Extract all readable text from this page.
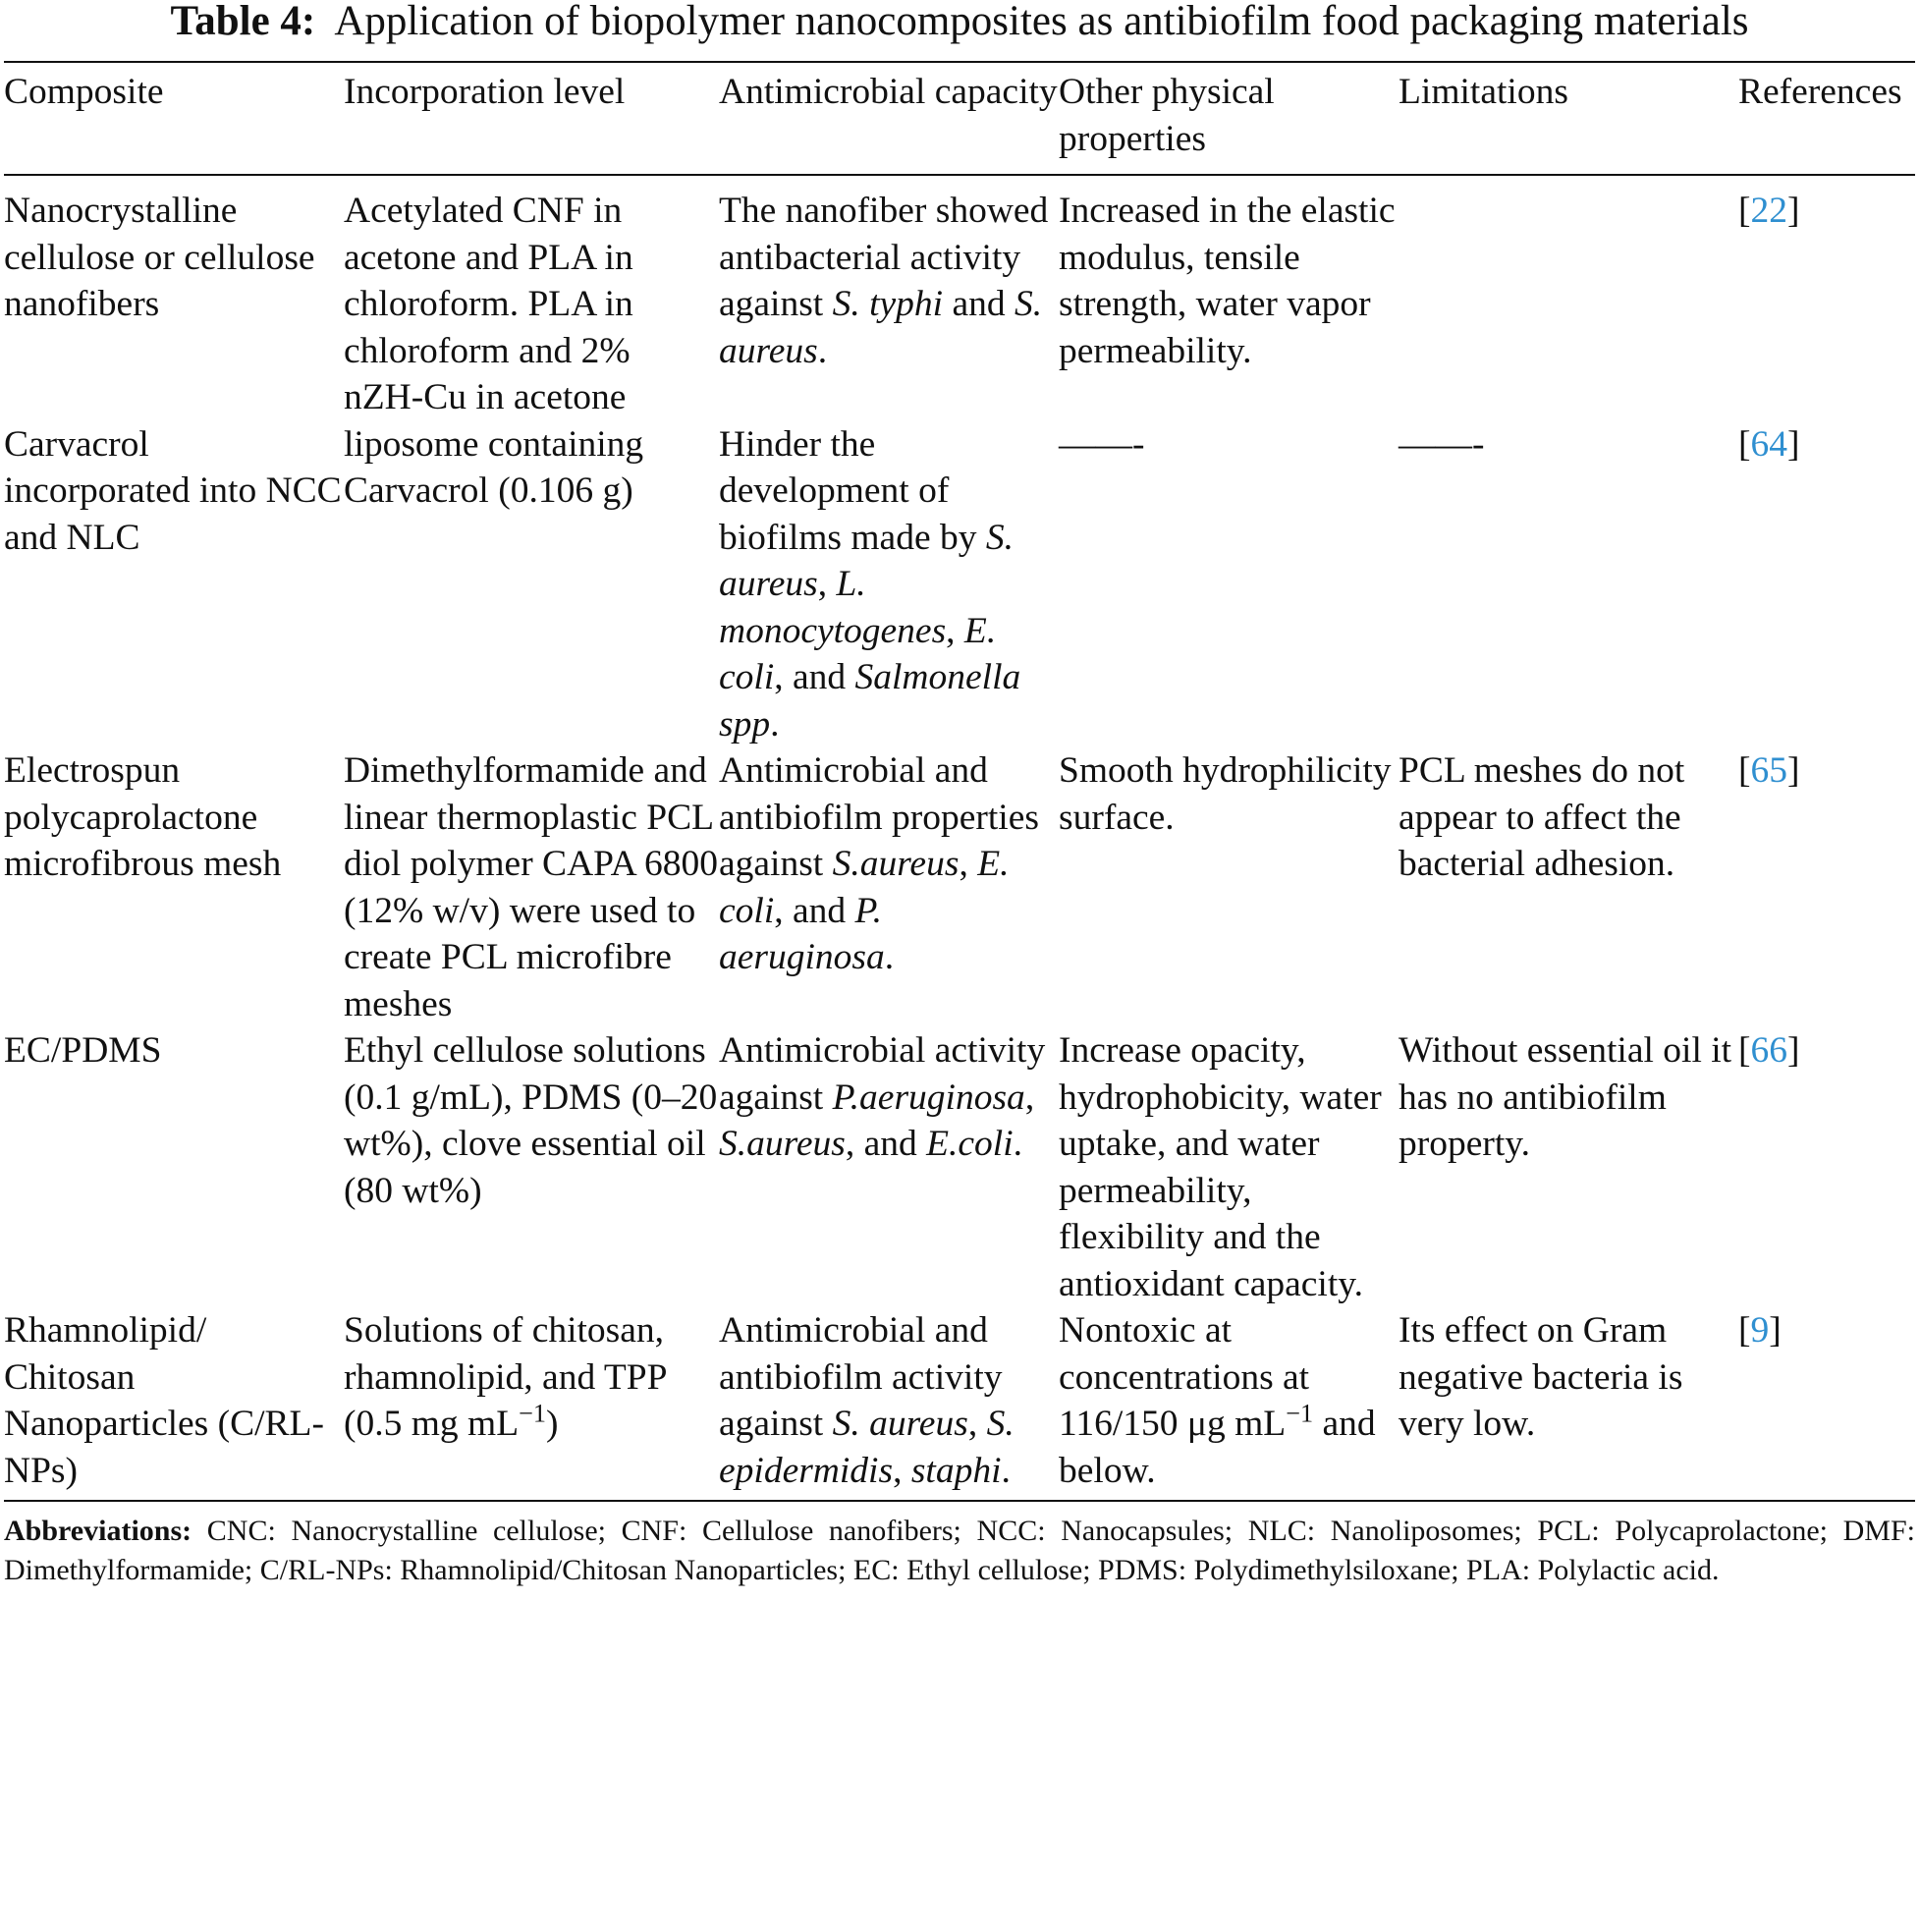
Table 4: Application of biopolymer nanocomposites as antibiofilm food packaging materials
Composite	Incorporation level	Antimicrobial capacity	Other physical properties	Limitations	References
Nanocrystalline cellulose or cellulose nanofibers	Acetylated CNF in acetone and PLA in chloroform. PLA in chloroform and 2% nZH-Cu in acetone	The nanofiber showed antibacterial activity against S. typhi and S. aureus.	Increased in the elastic modulus, tensile strength, water vapor permeability.		[22]
Carvacrol incorporated into NCC and NLC	liposome containing Carvacrol (0.106 g)	Hinder the development of biofilms made by S. aureus, L. monocytogenes, E. coli, and Salmonella spp.	——-	——-	[64]
Electrospun polycaprolactone microfibrous mesh	Dimethylformamide and linear thermoplastic PCL diol polymer CAPA 6800 (12% w/v) were used to create PCL microfibre meshes	Antimicrobial and antibiofilm properties against S.aureus, E. coli, and P. aeruginosa.	Smooth hydrophilicity surface.	PCL meshes do not appear to affect the bacterial adhesion.	[65]
EC/PDMS	Ethyl cellulose solutions (0.1 g/mL), PDMS (0–20 wt%), clove essential oil (80 wt%)	Antimicrobial activity against P.aeruginosa, S.aureus, and E.coli.	Increase opacity, hydrophobicity, water uptake, and water permeability, flexibility and the antioxidant capacity.	Without essential oil it has no antibiofilm property.	[66]
Rhamnolipid/ Chitosan Nanoparticles (C/RL-NPs)	Solutions of chitosan, rhamnolipid, and TPP (0.5 mg $mL^{-1}$)	Antimicrobial and antibiofilm activity against S. aureus, S. epidermidis, staphi.	Nontoxic at concentrations at 116/150 μg $mL^{-1}$ and below.	Its effect on Gram negative bacteria is very low.	[9]
Abbreviations: CNC: Nanocrystalline cellulose; CNF: Cellulose nanofibers; NCC: Nanocapsules; NLC: Nanoliposomes; PCL: Polycaprolactone; DMF: Dimethylformamide; C/RL-NPs: Rhamnolipid/Chitosan Nanoparticles; EC: Ethyl cellulose; PDMS: Polydimethylsiloxane; PLA: Polylactic acid.
